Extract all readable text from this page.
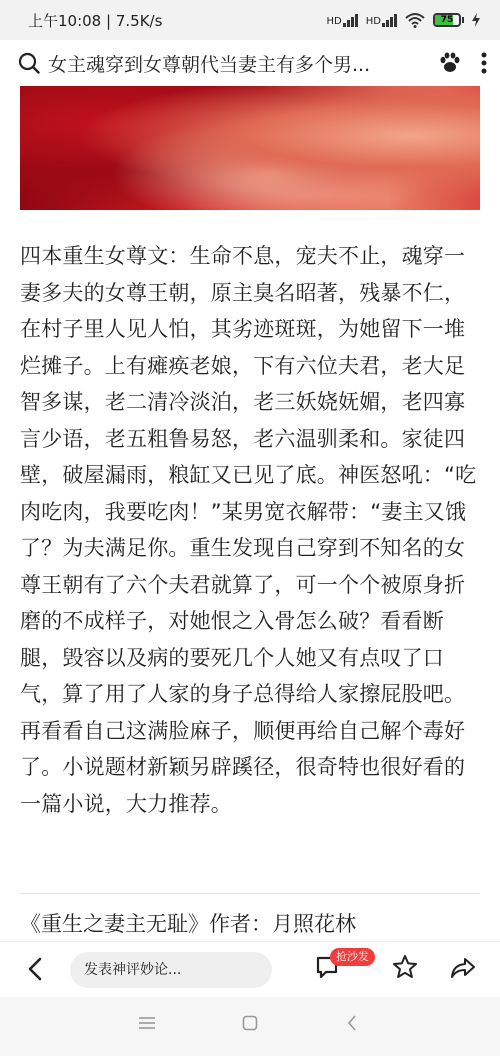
上午10:08 | 7.5K/s	HD HD	75
女主魂穿到女尊朝代当妻主有多个男...
四本重生女尊文：生命不息，宠夫不止，魂穿一妻多夫的女尊王朝，原主臭名昭著，残暴不仁，在村子里人见人怕，其劣迹斑斑，为她留下一堆烂摊子。上有瘫痪老娘，下有六位夫君，老大足智多谋，老二清冷淡泊，老三妖娆妩媚，老四寡言少语，老五粗鲁易怒，老六温驯柔和。家徒四壁，破屋漏雨，粮缸又已见了底。神医怒吼：“吃肉吃肉，我要吃肉！”某男宽衣解带：“妻主又饿了？为夫满足你。重生发现自己穿到不知名的女尊王朝有了六个夫君就算了，可一个个被原身折磨的不成样子，对她恨之入骨怎么破？看看断腿，毁容以及病的要死几个人她又有点叹了口气，算了用了人家的身子总得给人家擦屁股吧。再看看自己这满脸麻子，顺便再给自己解个毒好了。小说题材新颖另辟蹊径，很奇特也很好看的一篇小说，大力推荐。
《重生之妻主无耻》作者：月照花林
发表神评妙论...
抢沙发
